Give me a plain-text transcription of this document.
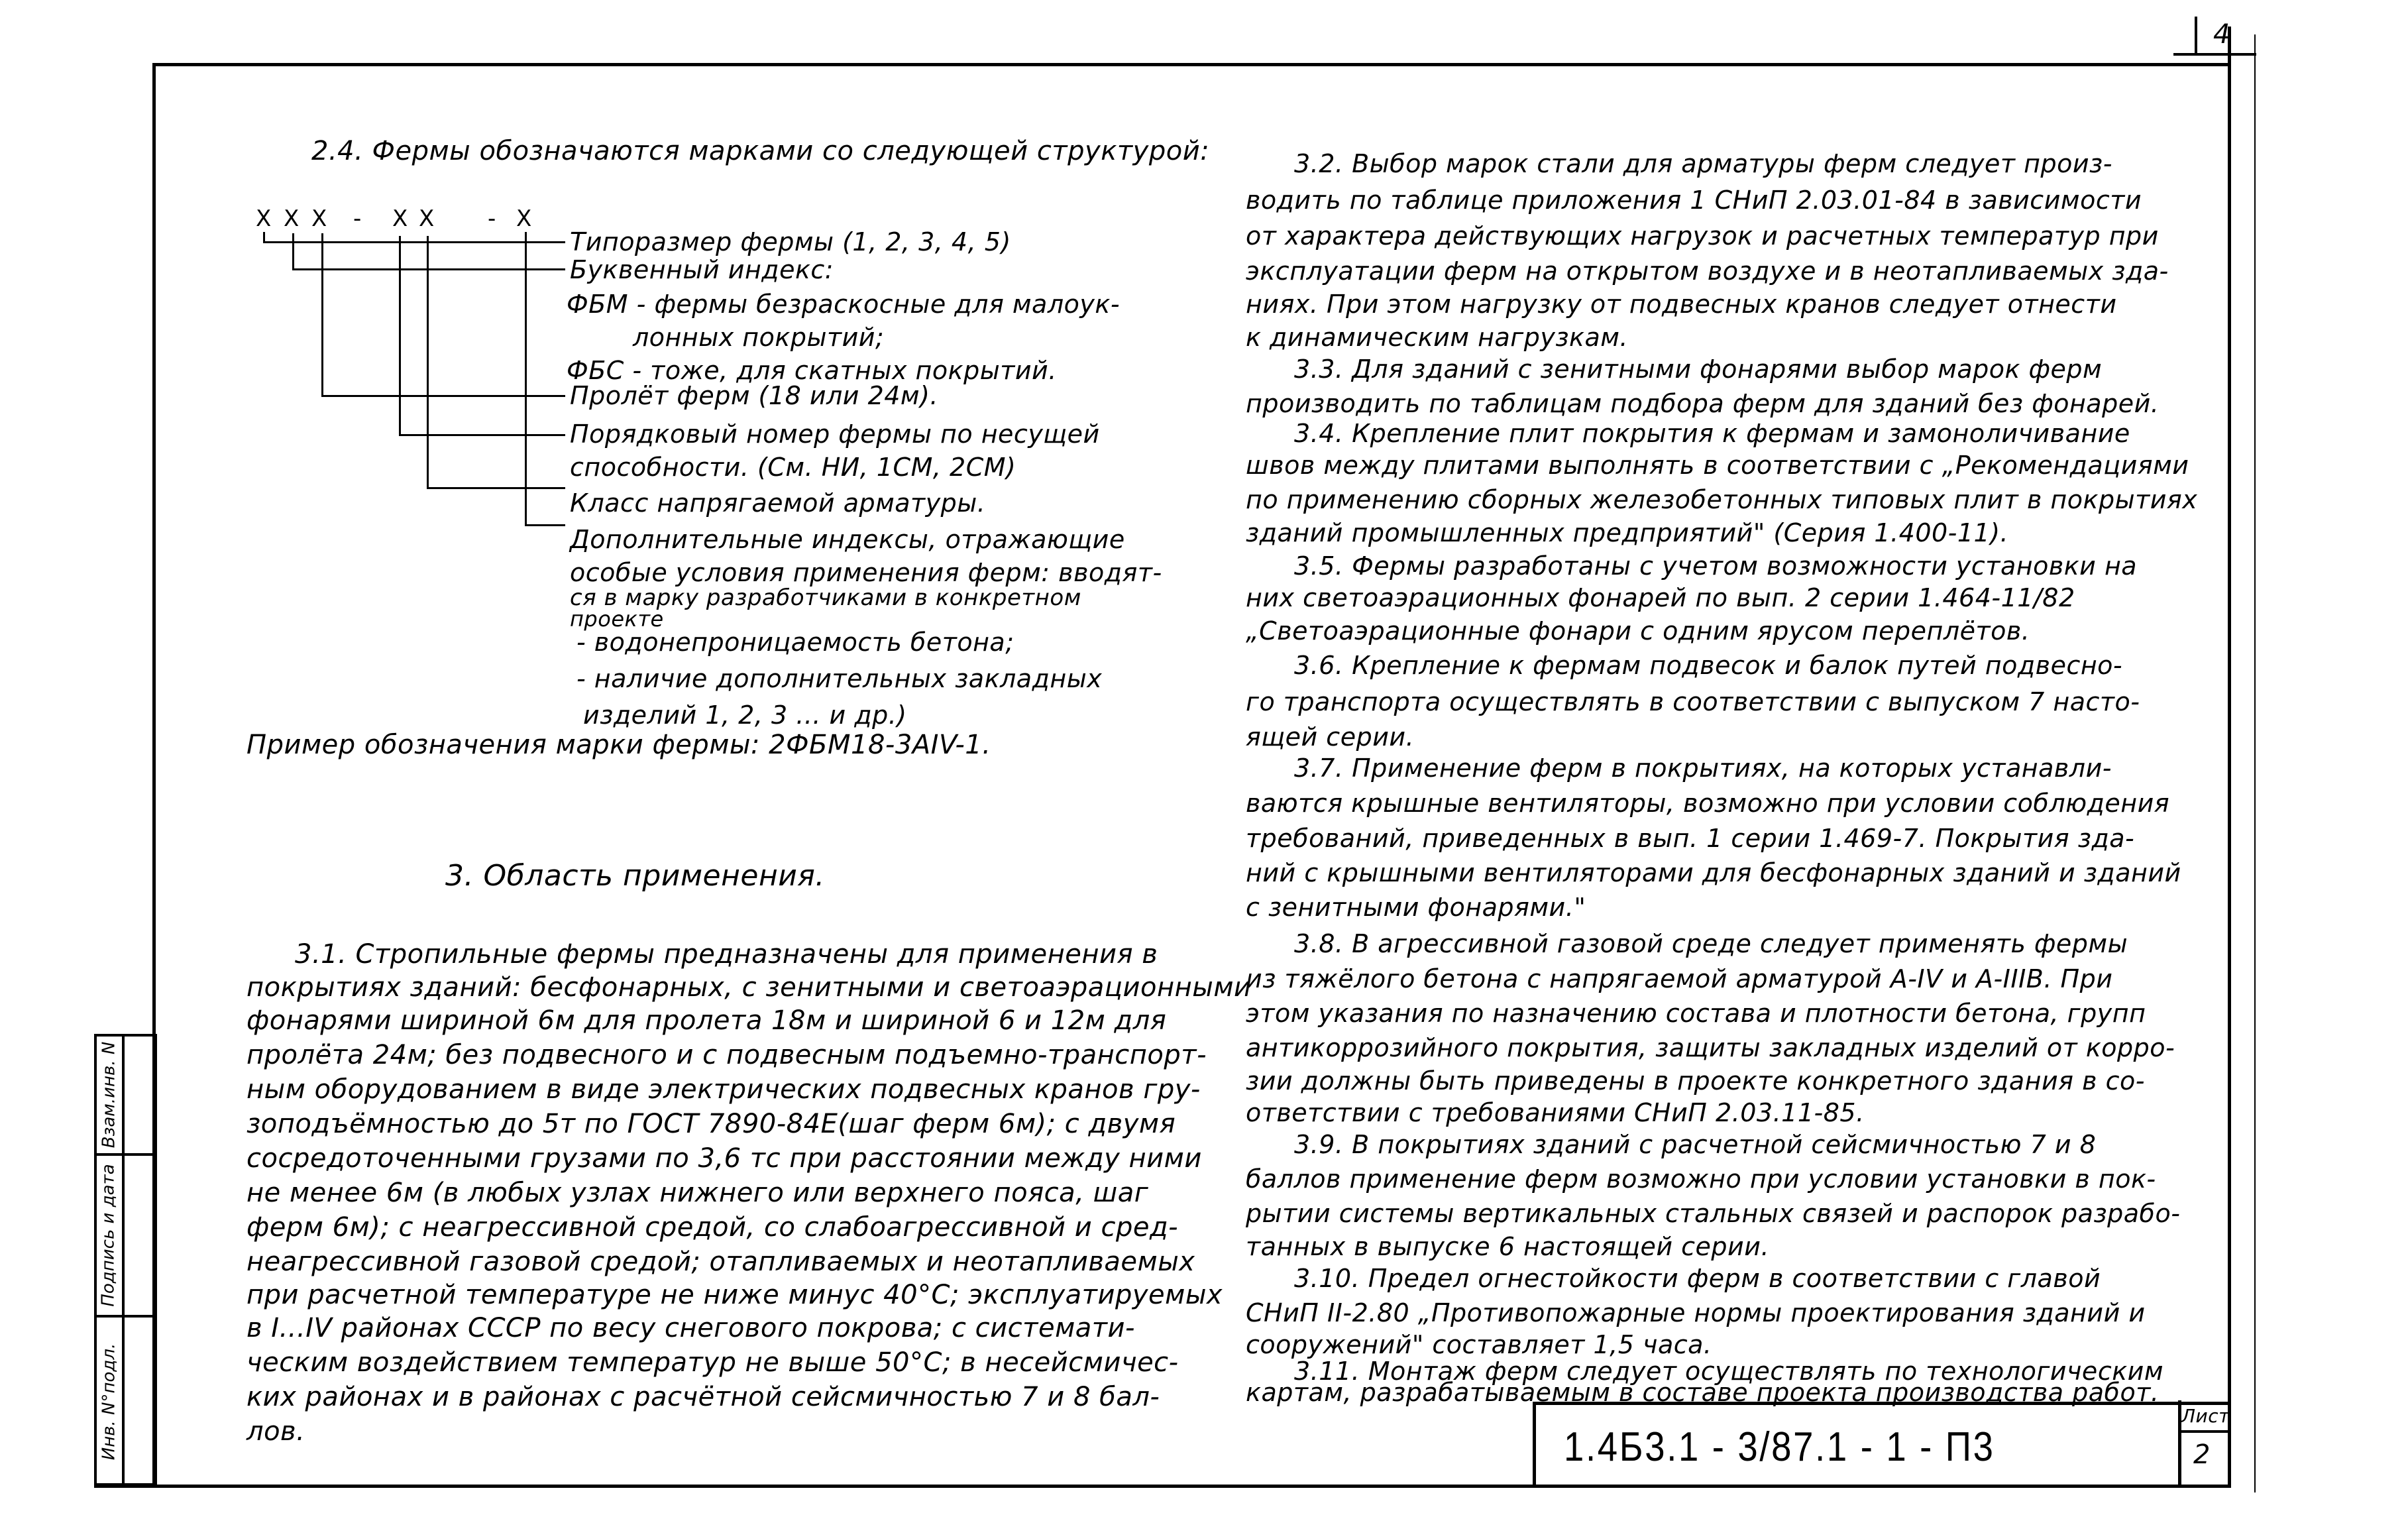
4
Взам.инв. N
Подпись и дата
Инв. N°подл.
2.4. Фермы обозначаются марками со следующей структурой:
X X X - X X - X
Типоразмер фермы (1, 2, 3, 4, 5)
Буквенный индекс:
ФБМ - фермы безраскосные для малоук-
лонных покрытий;
ФБС - тоже, для скатных покрытий.
Пролёт ферм (18 или 24м).
Порядковый номер фермы по несущей
способности. (См. НИ, 1СМ, 2СМ)
Класс напрягаемой арматуры.
Дополнительные индексы, отражающие
особые условия применения ферм: вводят-
ся в марку разработчиками в конкретном
проекте
- водонепроницаемость бетона;
- наличие дополнительных закладных
изделий 1, 2, 3 ... и др.)
Пример обозначения марки фермы: 2ФБМ18-3АIV-1.
3. Область применения.
3.1. Стропильные фермы предназначены для применения в
покрытиях зданий: бесфонарных, с зенитными и светоаэрационными
фонарями шириной 6м для пролета 18м и шириной 6 и 12м для
пролёта 24м; без подвесного и с подвесным подъемно-транспорт-
ным оборудованием в виде электрических подвесных кранов гру-
зоподъёмностью до 5т по ГОСТ 7890-84Е(шаг ферм 6м); с двумя
сосредоточенными грузами по 3,6 тс при расстоянии между ними
не менее 6м (в любых узлах нижнего или верхнего пояса, шаг
ферм 6м); с неагрессивной средой, со слабоагрессивной и сред-
неагрессивной газовой средой; отапливаемых и неотапливаемых
при расчетной температуре не ниже минус 40°С; эксплуатируемых
в I...IV районах СССР по весу снегового покрова; с системати-
ческим воздействием температур не выше 50°С; в несейсмичес-
ких районах и в районах с расчётной сейсмичностью 7 и 8 бал-
лов.
3.2. Выбор марок стали для арматуры ферм следует произ-
водить по таблице приложения 1 СНиП 2.03.01-84 в зависимости
от характера действующих нагрузок и расчетных температур при
эксплуатации ферм на открытом воздухе и в неотапливаемых зда-
ниях. При этом нагрузку от подвесных кранов следует отнести
к динамическим нагрузкам.
3.3. Для зданий с зенитными фонарями выбор марок ферм
производить по таблицам подбора ферм для зданий без фонарей.
3.4. Крепление плит покрытия к фермам и замоноличивание
швов между плитами выполнять в соответствии с „Рекомендациями
по применению сборных железобетонных типовых плит в покрытиях
зданий промышленных предприятий" (Серия 1.400-11).
3.5. Фермы разработаны с учетом возможности установки на
них светоаэрационных фонарей по вып. 2 серии 1.464-11/82
„Светоаэрационные фонари с одним ярусом переплётов.
3.6. Крепление к фермам подвесок и балок путей подвесно-
го транспорта осуществлять в соответствии с выпуском 7 насто-
ящей серии.
3.7. Применение ферм в покрытиях, на которых устанавли-
ваются крышные вентиляторы, возможно при условии соблюдения
требований, приведенных в вып. 1 серии 1.469-7. Покрытия зда-
ний с крышными вентиляторами для бесфонарных зданий и зданий
с зенитными фонарями."
3.8. В агрессивной газовой среде следует применять фермы
из тяжёлого бетона с напрягаемой арматурой А-IV и А-IIIВ. При
этом указания по назначению состава и плотности бетона, групп
антикоррозийного покрытия, защиты закладных изделий от корро-
зии должны быть приведены в проекте конкретного здания в со-
ответствии с требованиями СНиП 2.03.11-85.
3.9. В покрытиях зданий с расчетной сейсмичностью 7 и 8
баллов применение ферм возможно при условии установки в пок-
рытии системы вертикальных стальных связей и распорок разрабо-
танных в выпуске 6 настоящей серии.
3.10. Предел огнестойкости ферм в соответствии с главой
СНиП II-2.80 „Противопожарные нормы проектирования зданий и
сооружений" составляет 1,5 часа.
3.11. Монтаж ферм следует осуществлять по технологическим
картам, разрабатываемым в составе проекта производства работ.
1.4Б3.1 - 3/87.1 - 1 - П3
Лист
2
